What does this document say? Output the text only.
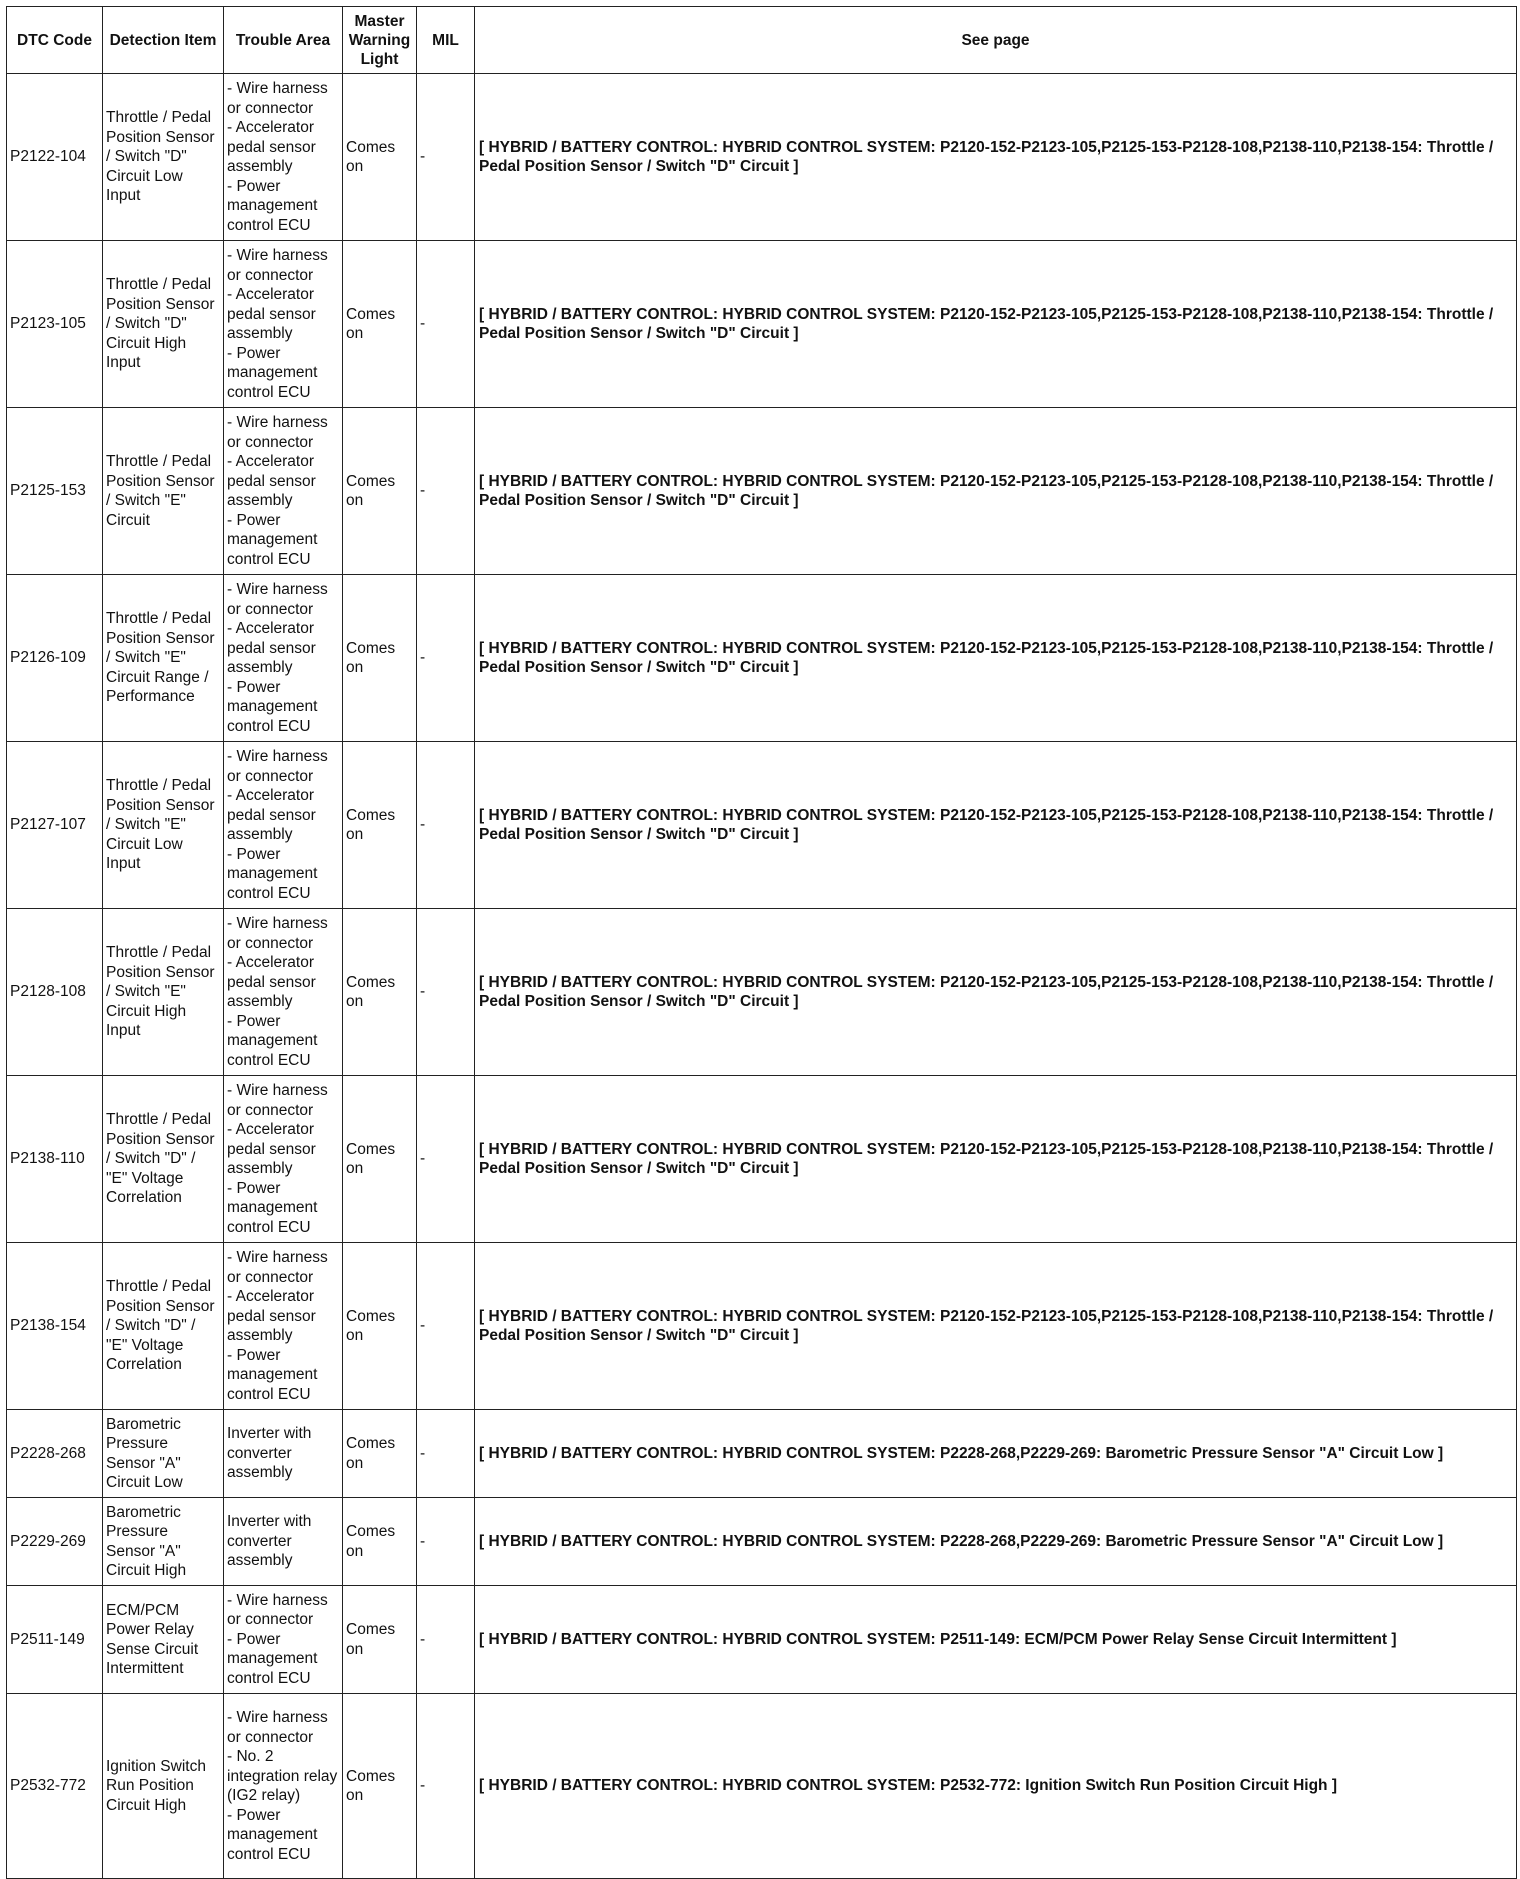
DTC Code	Detection Item	Trouble Area	Master Warning Light	MIL	See page
P2122-104	Throttle / Pedal Position Sensor / Switch "D" Circuit Low Input	- Wire harness or connector
- Accelerator pedal sensor assembly
- Power management control ECU	Comes on	-	[ HYBRID / BATTERY CONTROL: HYBRID CONTROL SYSTEM: P2120-152-P2123-105,P2125-153-P2128-108,P2138-110,P2138-154: Throttle / Pedal Position Sensor / Switch "D" Circuit ]
P2123-105	Throttle / Pedal Position Sensor / Switch "D" Circuit High Input	- Wire harness or connector
- Accelerator pedal sensor assembly
- Power management control ECU	Comes on	-	[ HYBRID / BATTERY CONTROL: HYBRID CONTROL SYSTEM: P2120-152-P2123-105,P2125-153-P2128-108,P2138-110,P2138-154: Throttle / Pedal Position Sensor / Switch "D" Circuit ]
P2125-153	Throttle / Pedal Position Sensor / Switch "E" Circuit	- Wire harness or connector
- Accelerator pedal sensor assembly
- Power management control ECU	Comes on	-	[ HYBRID / BATTERY CONTROL: HYBRID CONTROL SYSTEM: P2120-152-P2123-105,P2125-153-P2128-108,P2138-110,P2138-154: Throttle / Pedal Position Sensor / Switch "D" Circuit ]
P2126-109	Throttle / Pedal Position Sensor / Switch "E" Circuit Range / Performance	- Wire harness or connector
- Accelerator pedal sensor assembly
- Power management control ECU	Comes on	-	[ HYBRID / BATTERY CONTROL: HYBRID CONTROL SYSTEM: P2120-152-P2123-105,P2125-153-P2128-108,P2138-110,P2138-154: Throttle / Pedal Position Sensor / Switch "D" Circuit ]
P2127-107	Throttle / Pedal Position Sensor / Switch "E" Circuit Low Input	- Wire harness or connector
- Accelerator pedal sensor assembly
- Power management control ECU	Comes on	-	[ HYBRID / BATTERY CONTROL: HYBRID CONTROL SYSTEM: P2120-152-P2123-105,P2125-153-P2128-108,P2138-110,P2138-154: Throttle / Pedal Position Sensor / Switch "D" Circuit ]
P2128-108	Throttle / Pedal Position Sensor / Switch "E" Circuit High Input	- Wire harness or connector
- Accelerator pedal sensor assembly
- Power management control ECU	Comes on	-	[ HYBRID / BATTERY CONTROL: HYBRID CONTROL SYSTEM: P2120-152-P2123-105,P2125-153-P2128-108,P2138-110,P2138-154: Throttle / Pedal Position Sensor / Switch "D" Circuit ]
P2138-110	Throttle / Pedal Position Sensor / Switch "D" / "E" Voltage Correlation	- Wire harness or connector
- Accelerator pedal sensor assembly
- Power management control ECU	Comes on	-	[ HYBRID / BATTERY CONTROL: HYBRID CONTROL SYSTEM: P2120-152-P2123-105,P2125-153-P2128-108,P2138-110,P2138-154: Throttle / Pedal Position Sensor / Switch "D" Circuit ]
P2138-154	Throttle / Pedal Position Sensor / Switch "D" / "E" Voltage Correlation	- Wire harness or connector
- Accelerator pedal sensor assembly
- Power management control ECU	Comes on	-	[ HYBRID / BATTERY CONTROL: HYBRID CONTROL SYSTEM: P2120-152-P2123-105,P2125-153-P2128-108,P2138-110,P2138-154: Throttle / Pedal Position Sensor / Switch "D" Circuit ]
P2228-268	Barometric Pressure Sensor "A" Circuit Low	Inverter with converter assembly	Comes on	-	[ HYBRID / BATTERY CONTROL: HYBRID CONTROL SYSTEM: P2228-268,P2229-269: Barometric Pressure Sensor "A" Circuit Low ]
P2229-269	Barometric Pressure Sensor "A" Circuit High	Inverter with converter assembly	Comes on	-	[ HYBRID / BATTERY CONTROL: HYBRID CONTROL SYSTEM: P2228-268,P2229-269: Barometric Pressure Sensor "A" Circuit Low ]
P2511-149	ECM/PCM Power Relay Sense Circuit Intermittent	- Wire harness or connector
- Power management control ECU	Comes on	-	[ HYBRID / BATTERY CONTROL: HYBRID CONTROL SYSTEM: P2511-149: ECM/PCM Power Relay Sense Circuit Intermittent ]
P2532-772	Ignition Switch Run Position Circuit High	- Wire harness or connector
- No. 2 integration relay (IG2 relay)
- Power management control ECU	Comes on	-	[ HYBRID / BATTERY CONTROL: HYBRID CONTROL SYSTEM: P2532-772: Ignition Switch Run Position Circuit High ]
